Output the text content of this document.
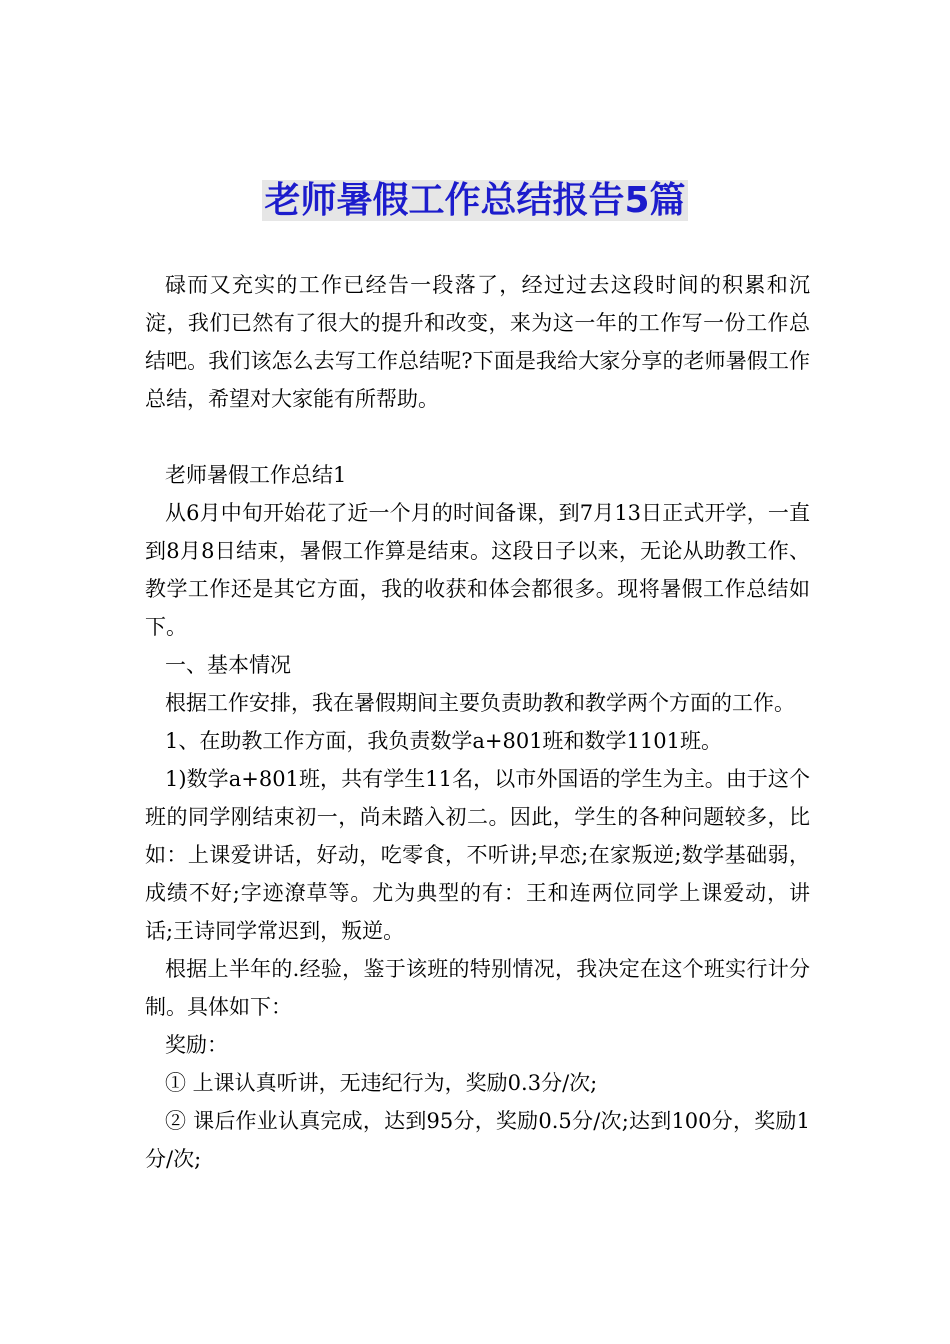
老师暑假工作总结报告5篇

碌而又充实的工作已经告一段落了，经过过去这段时间的积累和沉淀，我们已然有了很大的提升和改变，来为这一年的工作写一份工作总结吧。我们该怎么去写工作总结呢?下面是我给大家分享的老师暑假工作总结，希望对大家能有所帮助。

老师暑假工作总结1

从6月中旬开始花了近一个月的时间备课，到7月13日正式开学，一直到8月8日结束，暑假工作算是结束。这段日子以来，无论从助教工作、教学工作还是其它方面，我的收获和体会都很多。现将暑假工作总结如下。

一、基本情况

根据工作安排，我在暑假期间主要负责助教和教学两个方面的工作。

1、在助教工作方面，我负责数学a+801班和数学1101班。

1)数学a+801班，共有学生11名，以市外国语的学生为主。由于这个班的同学刚结束初一，尚未踏入初二。因此，学生的各种问题较多，比如：上课爱讲话，好动，吃零食，不听讲;早恋;在家叛逆;数学基础弱，成绩不好;字迹潦草等。尤为典型的有：王和连两位同学上课爱动，讲话;王诗同学常迟到，叛逆。

根据上半年的.经验，鉴于该班的特别情况，我决定在这个班实行计分制。具体如下：

奖励：

① 上课认真听讲，无违纪行为，奖励0.3分/次;

② 课后作业认真完成，达到95分，奖励0.5分/次;达到100分，奖励1分/次;
